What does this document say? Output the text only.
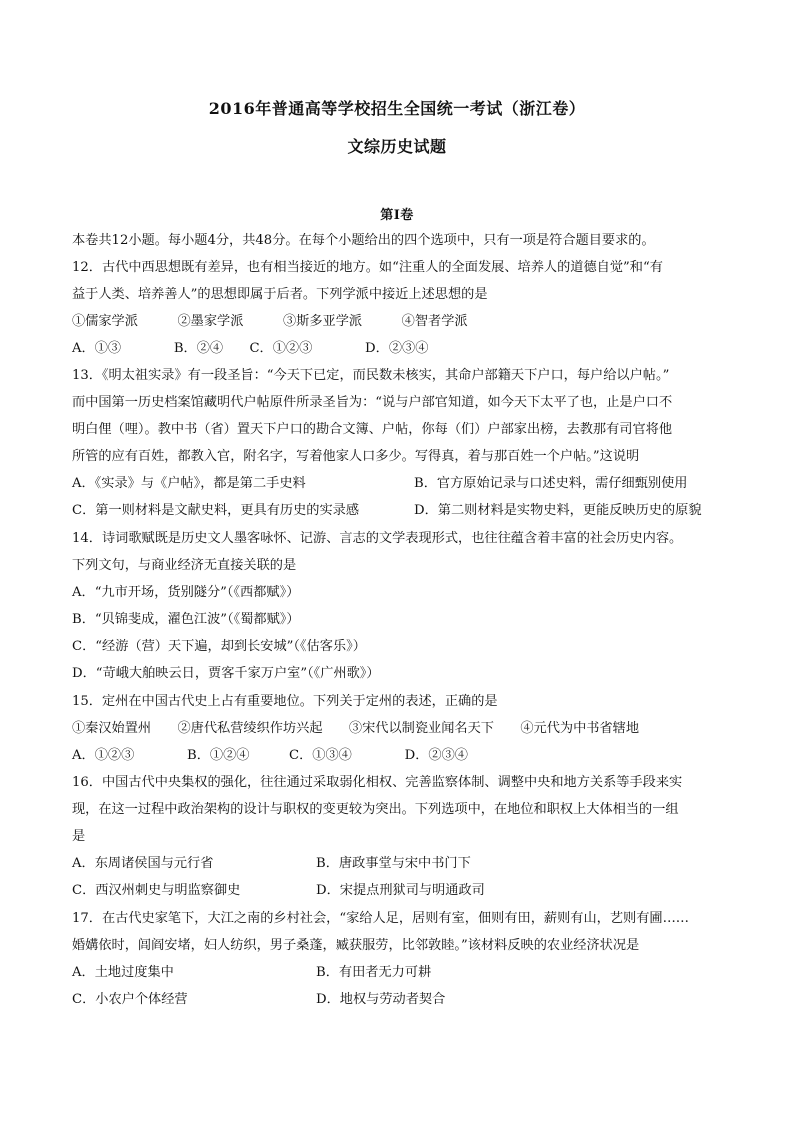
2016年普通高等学校招生全国统一考试（浙江卷）
文综历史试题
第Ⅰ卷
本卷共12小题。每小题4分，共48分。在每个小题给出的四个选项中，只有一项是符合题目要求的。
12．古代中西思想既有差异，也有相当接近的地方。如“注重人的全面发展、培养人的道德自觉”和“有
益于人类、培养善人”的思想即属于后者。下列学派中接近上述思想的是
①儒家学派　　　②墨家学派　　　③斯多亚学派　　　④智者学派
A．①③　　　　B．②④　　C．①②③　　　　D．②③④
13．《明太祖实录》有一段圣旨：“今天下已定，而民数未核实，其命户部籍天下户口，每户给以户帖。”
而中国第一历史档案馆藏明代户帖原件所录圣旨为：“说与户部官知道，如今天下太平了也，止是户口不
明白俚（哩）。教中书（省）置天下户口的勘合文簿、户帖，你每（们）户部家出榜，去教那有司官将他
所管的应有百姓，都教入官，附名字，写着他家人口多少。写得真，着与那百姓一个户帖。”这说明
A．《实录》与《户帖》，都是第二手史料	B．官方原始记录与口述史料，需仔细甄别使用
C．第一则材料是文献史料，更具有历史的实录感	D．第二则材料是实物史料，更能反映历史的原貌
14．诗词歌赋既是历史文人墨客咏怀、记游、言志的文学表现形式，也往往蕴含着丰富的社会历史内容。
下列文句，与商业经济无直接关联的是
A．“九市开场，货别隧分”（《西都赋》）
B．“贝锦斐成，濯色江波”（《蜀都赋》）
C．“经游（营）天下遍，却到长安城”（《估客乐》）
D．“苛峨大舶映云日，贾客千家万户室”（《广州歌》）
15．定州在中国古代史上占有重要地位。下列关于定州的表述，正确的是
①秦汉始置州　　②唐代私营绫织作坊兴起　　③宋代以制瓷业闻名天下　　④元代为中书省辖地
A．①②③　　　　B．①②④　　　C．①③④　　　　D．②③④
16．中国古代中央集权的强化，往往通过采取弱化相权、完善监察体制、调整中央和地方关系等手段来实
现，在这一过程中政治架构的设计与职权的变更较为突出。下列选项中，在地位和职权上大体相当的一组
是
A．东周诸侯国与元行省	B．唐政事堂与宋中书门下
C．西汉州刺史与明监察御史	D．宋提点刑狱司与明通政司
17．在古代史家笔下，大江之南的乡村社会，“家给人足，居则有室，佃则有田，薪则有山，艺则有圃……
婚媾依时，闾阎安堵，妇人纺织，男子桑蓬，臧获服劳，比邻敦睦。”该材料反映的农业经济状况是
A．土地过度集中	B．有田者无力可耕
C．小农户个体经营	D．地权与劳动者契合
